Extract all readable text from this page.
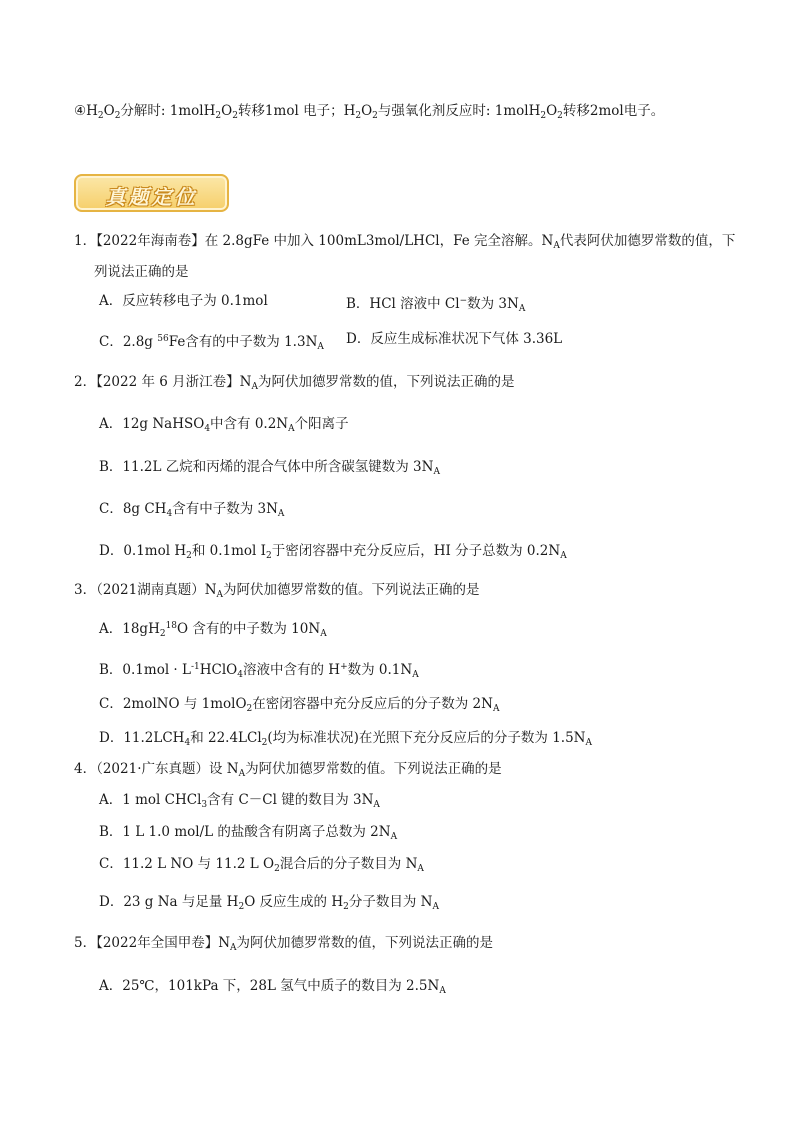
$④H_2O_2$分解时: $1molH_2O_2$转移1mol 电子；$H_2O_2$与强氧化剂反应时: $1molH_2O_2$转移2mol电子。
真题定位
1．【2022年海南卷】在 2.8gFe 中加入 100mL3mol/LHCl，Fe 完全溶解。$N_A$代表阿伏加德罗常数的值，下
列说法正确的是
A．反应转移电子为 0.1mol	B．HCl 溶液中 Cl−数为 $3N_A$
C．2.8g $^{56}$Fe含有的中子数为 $1.3N_A$ D．反应生成标准状况下气体 3.36L
2．【2022 年 6 月浙江卷】$N_A$为阿伏加德罗常数的值，下列说法正确的是
A．12g NaHSO$_4$中含有 $0.2N_A$个阳离子
B．11.2L 乙烷和丙烯的混合气体中所含碳氢键数为 $3N_A$
C．8g $CH_4$含有中子数为 $3N_A$
D．0.1mol $H_2$和 0.1mol $I_2$于密闭容器中充分反应后，HI 分子总数为 $0.2N_A$
3．（2021湖南真题）$N_A$为阿伏加德罗常数的值。下列说法正确的是
A．$18gH_2^{18}O$ 含有的中子数为 $10N_A$
B．$0.1mol \cdot L^{-1}HClO_4$溶液中含有的 H+数为 $0.1N_A$
C．2molNO 与 1molO$_2$在密闭容器中充分反应后的分子数为 $2N_A$
D．$11.2LCH_4$和 22.4LCl$_2$(均为标准状况)在光照下充分反应后的分子数为 $1.5N_A$
4．（2021·广东真题）设 $N_A$为阿伏加德罗常数的值。下列说法正确的是
A．1 mol CHCl$_3$含有 C－Cl 键的数目为 $3N_A$
B．1 L 1.0 mol/L 的盐酸含有阴离子总数为 $2N_A$
C．11.2 L NO 与 11.2 L $O_2$混合后的分子数目为 $N_A$
D．23 g Na 与足量 $H_2O$ 反应生成的 $H_2$分子数目为 $N_A$
5．【2022年全国甲卷】$N_A$为阿伏加德罗常数的值，下列说法正确的是
A．25℃，101kPa 下，28L 氢气中质子的数目为 $2.5N_A$
